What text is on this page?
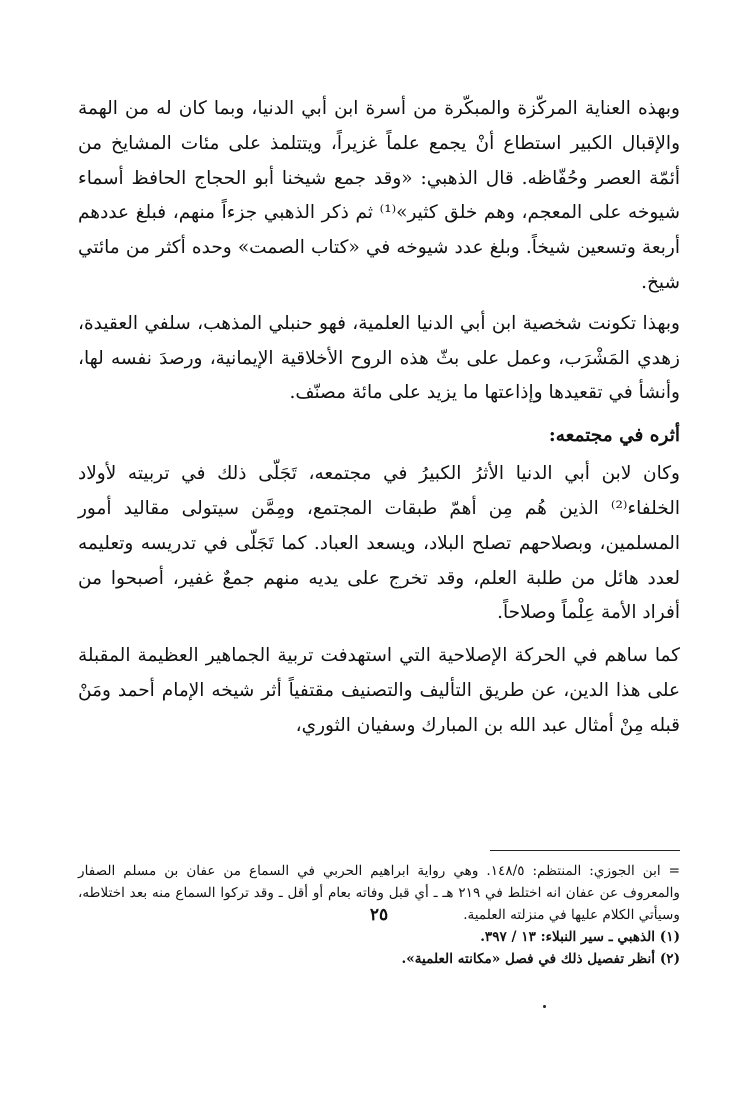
وبهذه العناية المركّزة والمبكّرة من أسرة ابن أبي الدنيا، وبما كان له من الهمة والإقبال الكبير استطاع أنْ يجمع علماً غزيراً، ويتتلمذ على مئات المشايخ من أئمّة العصر وحُفّاظه. قال الذهبي: «وقد جمع شيخنا أبو الحجاج الحافظ أسماء شيوخه على المعجم، وهم خلق كثير»⁽¹⁾ ثم ذكر الذهبي جزءاً منهم، فبلغ عددهم أربعة وتسعين شيخاً. وبلغ عدد شيوخه في «كتاب الصمت» وحده أكثر من مائتي شيخ.

وبهذا تكونت شخصية ابن أبي الدنيا العلمية، فهو حنبلي المذهب، سلفي العقيدة، زهدي المَشْرَب، وعمل على بثّ هذه الروح الأخلاقية الإيمانية، ورصدَ نفسه لها، وأنشأ في تقعيدها وإذاعتها ما يزيد على مائة مصنّف.

أثره في مجتمعه:

وكان لابن أبي الدنيا الأثرُ الكبيرُ في مجتمعه، تَجَلّى ذلك في تربيته لأولاد الخلفاء⁽²⁾ الذين هُم مِن أهمّ طبقات المجتمع، ومِمَّن سيتولى مقاليد أمور المسلمين، وبصلاحهم تصلح البلاد، ويسعد العباد. كما تَجَلّى في تدريسه وتعليمه لعدد هائل من طلبة العلم، وقد تخرج على يديه منهم جمعٌ غفير، أصبحوا من أفراد الأمة عِلْماً وصلاحاً.

كما ساهم في الحركة الإصلاحية التي استهدفت تربية الجماهير العظيمة المقبلة على هذا الدين، عن طريق التأليف والتصنيف مقتفياً أثر شيخه الإمام أحمد ومَنْ قبله مِنْ أمثال عبد الله بن المبارك وسفيان الثوري،

= ابن الجوزي: المنتظم: ١٤٨/٥. وهي رواية ابراهيم الحربي في السماع من عفان بن مسلم الصفار والمعروف عن عفان انه اختلط في ٢١٩ هـ ـ أي قبل وفاته بعام أو أقل ـ وقد تركوا السماع منه بعد اختلاطه، وسيأتي الكلام عليها في منزلته العلمية.

(١) الذهبي ـ سير النبلاء: ١٣ / ٣٩٧.

(٢) أنظر تفصيل ذلك في فصل «مكانته العلمية».

٢٥
